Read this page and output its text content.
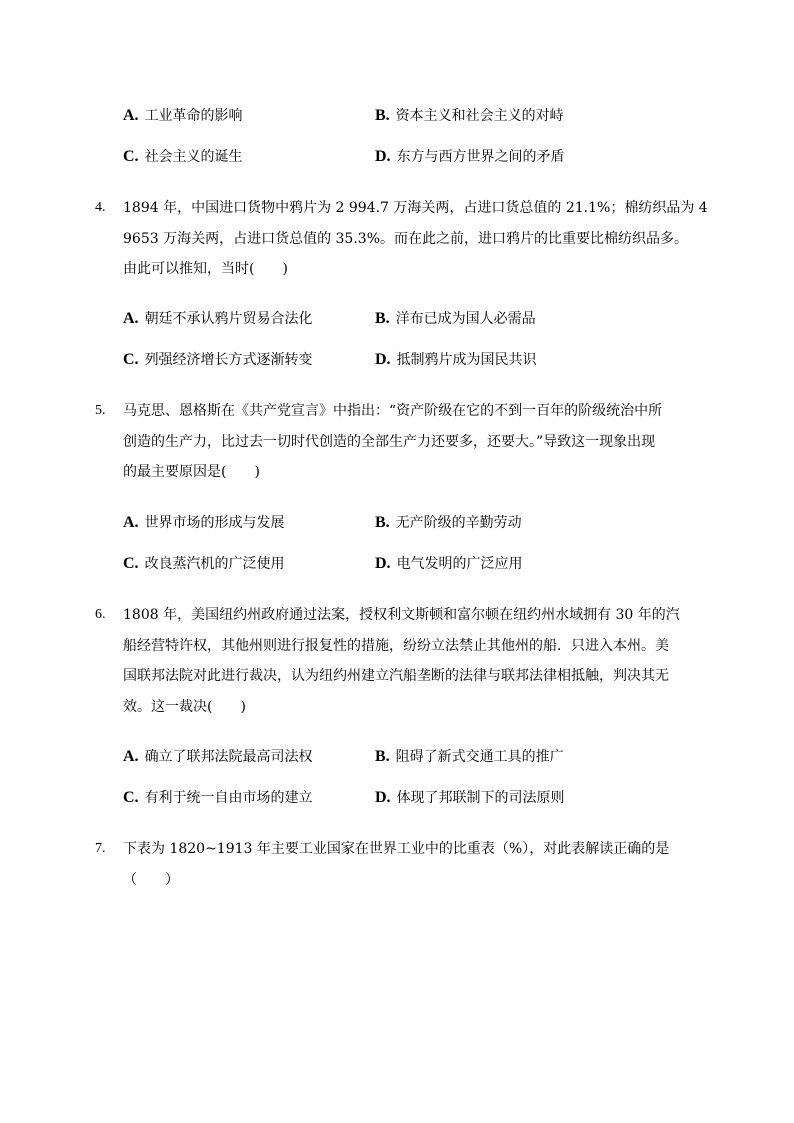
A. 工业革命的影响	B. 资本主义和社会主义的对峙
C. 社会主义的诞生	D. 东方与西方世界之间的矛盾
4. 1894 年，中国进口货物中鸦片为 2 994.7 万海关两，占进口货总值的 21.1%；棉纺织品为 4
9653 万海关两，占进口货总值的 35.3%。而在此之前，进口鸦片的比重要比棉纺织品多。
由此可以推知，当时(　　)
A. 朝廷不承认鸦片贸易合法化	B. 洋布已成为国人必需品
C. 列强经济增长方式逐渐转变	D. 抵制鸦片成为国民共识
5. 马克思、恩格斯在《共产党宣言》中指出：“资产阶级在它的不到一百年的阶级统治中所
创造的生产力，比过去一切时代创造的全部生产力还要多，还要大。”导致这一现象出现
的最主要原因是(　　)
A. 世界市场的形成与发展	B. 无产阶级的辛勤劳动
C. 改良蒸汽机的广泛使用	D. 电气发明的广泛应用
6. 1808 年，美国纽约州政府通过法案，授权利文斯顿和富尔顿在纽约州水域拥有 30 年的汽
船经营特许权，其他州则进行报复性的措施，纷纷立法禁止其他州的船．只进入本州。美
国联邦法院对此进行裁决，认为纽约州建立汽船垄断的法律与联邦法律相抵触，判决其无
效。这一裁决(　　)
A. 确立了联邦法院最高司法权	B. 阻碍了新式交通工具的推广
C. 有利于统一自由市场的建立	D. 体现了邦联制下的司法原则
7. 下表为 1820~1913 年主要工业国家在世界工业中的比重表（%），对此表解读正确的是
（　　）
